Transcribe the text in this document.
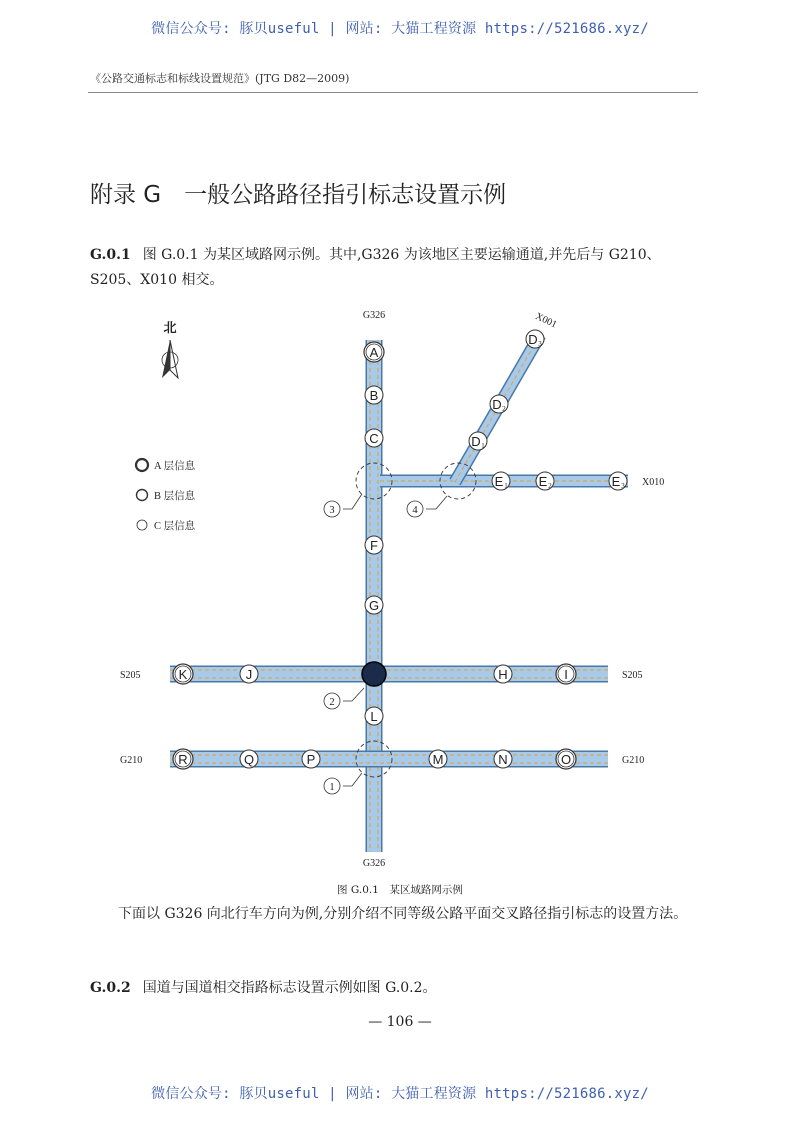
微信公众号: 豚贝useful | 网站: 大猫工程资源 https://521686.xyz/
《公路交通标志和标线设置规范》(JTG D82—2009)
附录 G　一般公路路径指引标志设置示例
G.0.1 图 G.0.1 为某区域路网示例。其中,G326 为该地区主要运输通道,并先后与 G210、S205、X010 相交。
3	4
2
1
A
B
C
F
G
L
K	J	H	I
R	Q	P	M	N	O
E 1 E 2	E 3
D 1
D 2
D 3
G326
G326
X001
X010
S205	S205
G210	G210
北
A 层信息
B 层信息
C 层信息
图 G.0.1　某区域路网示例
下面以 G326 向北行车方向为例,分别介绍不同等级公路平面交叉路径指引标志的设置方法。
G.0.2 国道与国道相交指路标志设置示例如图 G.0.2。
— 106 —
微信公众号: 豚贝useful | 网站: 大猫工程资源 https://521686.xyz/
